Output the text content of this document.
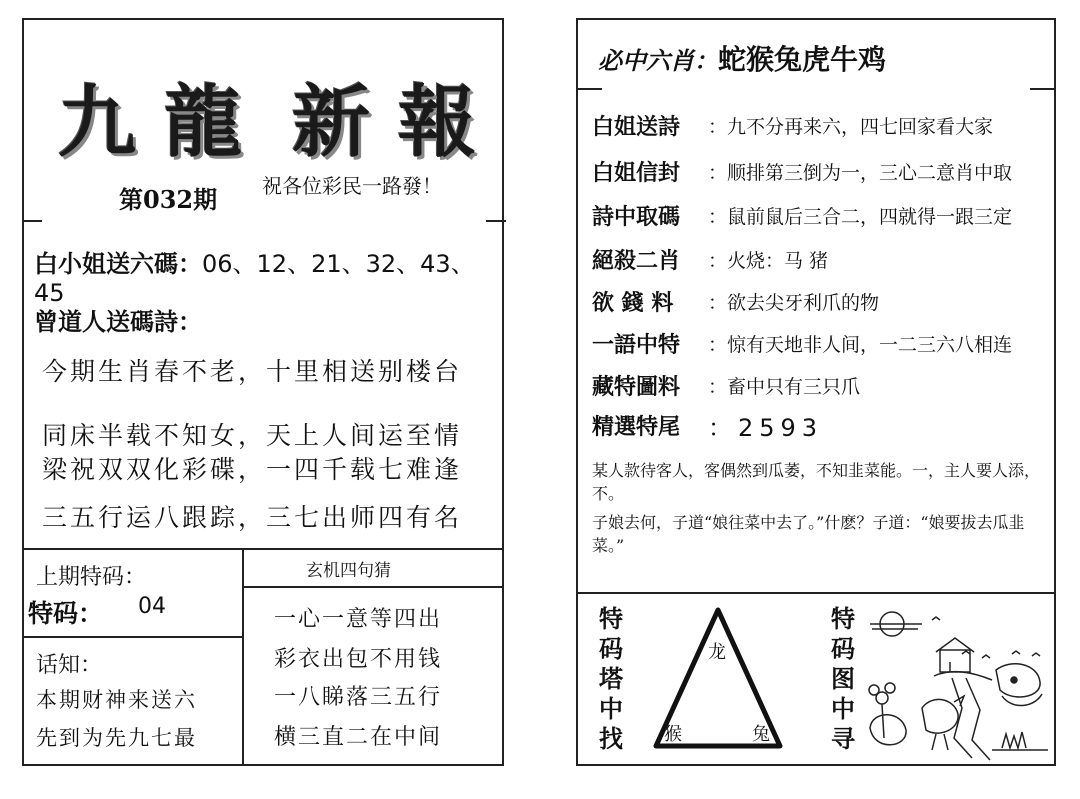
九 龍 新 報
第032期 祝各位彩民一路發！
白小姐送六碼：06、12、21、32、43、45
曾道人送碼詩：
今期生肖春不老，十里相送别楼台
同床半载不知女，天上人间运至情
梁祝双双化彩碟，一四千载七难逢
三五行运八跟踪，三七出师四有名
上期特码：
特码： 04
话知：
本期财神来送六
先到为先九七最
玄机四句猜
一心一意等四出
彩衣出包不用钱
一八睇落三五行
横三直二在中间
必中六肖：蛇猴兔虎牛鸡
白姐送詩 ：九不分再来六，四七回家看大家
白姐信封 ：顺排第三倒为一，三心二意肖中取
詩中取碼 ：鼠前鼠后三合二，四就得一跟三定
絕殺二肖 ：火烧：马 猪
欲 錢 料 ：欲去尖牙利爪的物
一語中特 ：惊有天地非人间，一二三六八相连
藏特圖料 ：畜中只有三只爪
精選特尾 ：2593
某人款待客人，客偶然到瓜萎，不知韭菜能。一，主人要人添，不。
子娘去何，子道“娘往菜中去了。”什麽？子道：“娘要拔去瓜韭菜。”
特
码
塔
中
找
龙
猴	兔
特
码
图
中
寻
